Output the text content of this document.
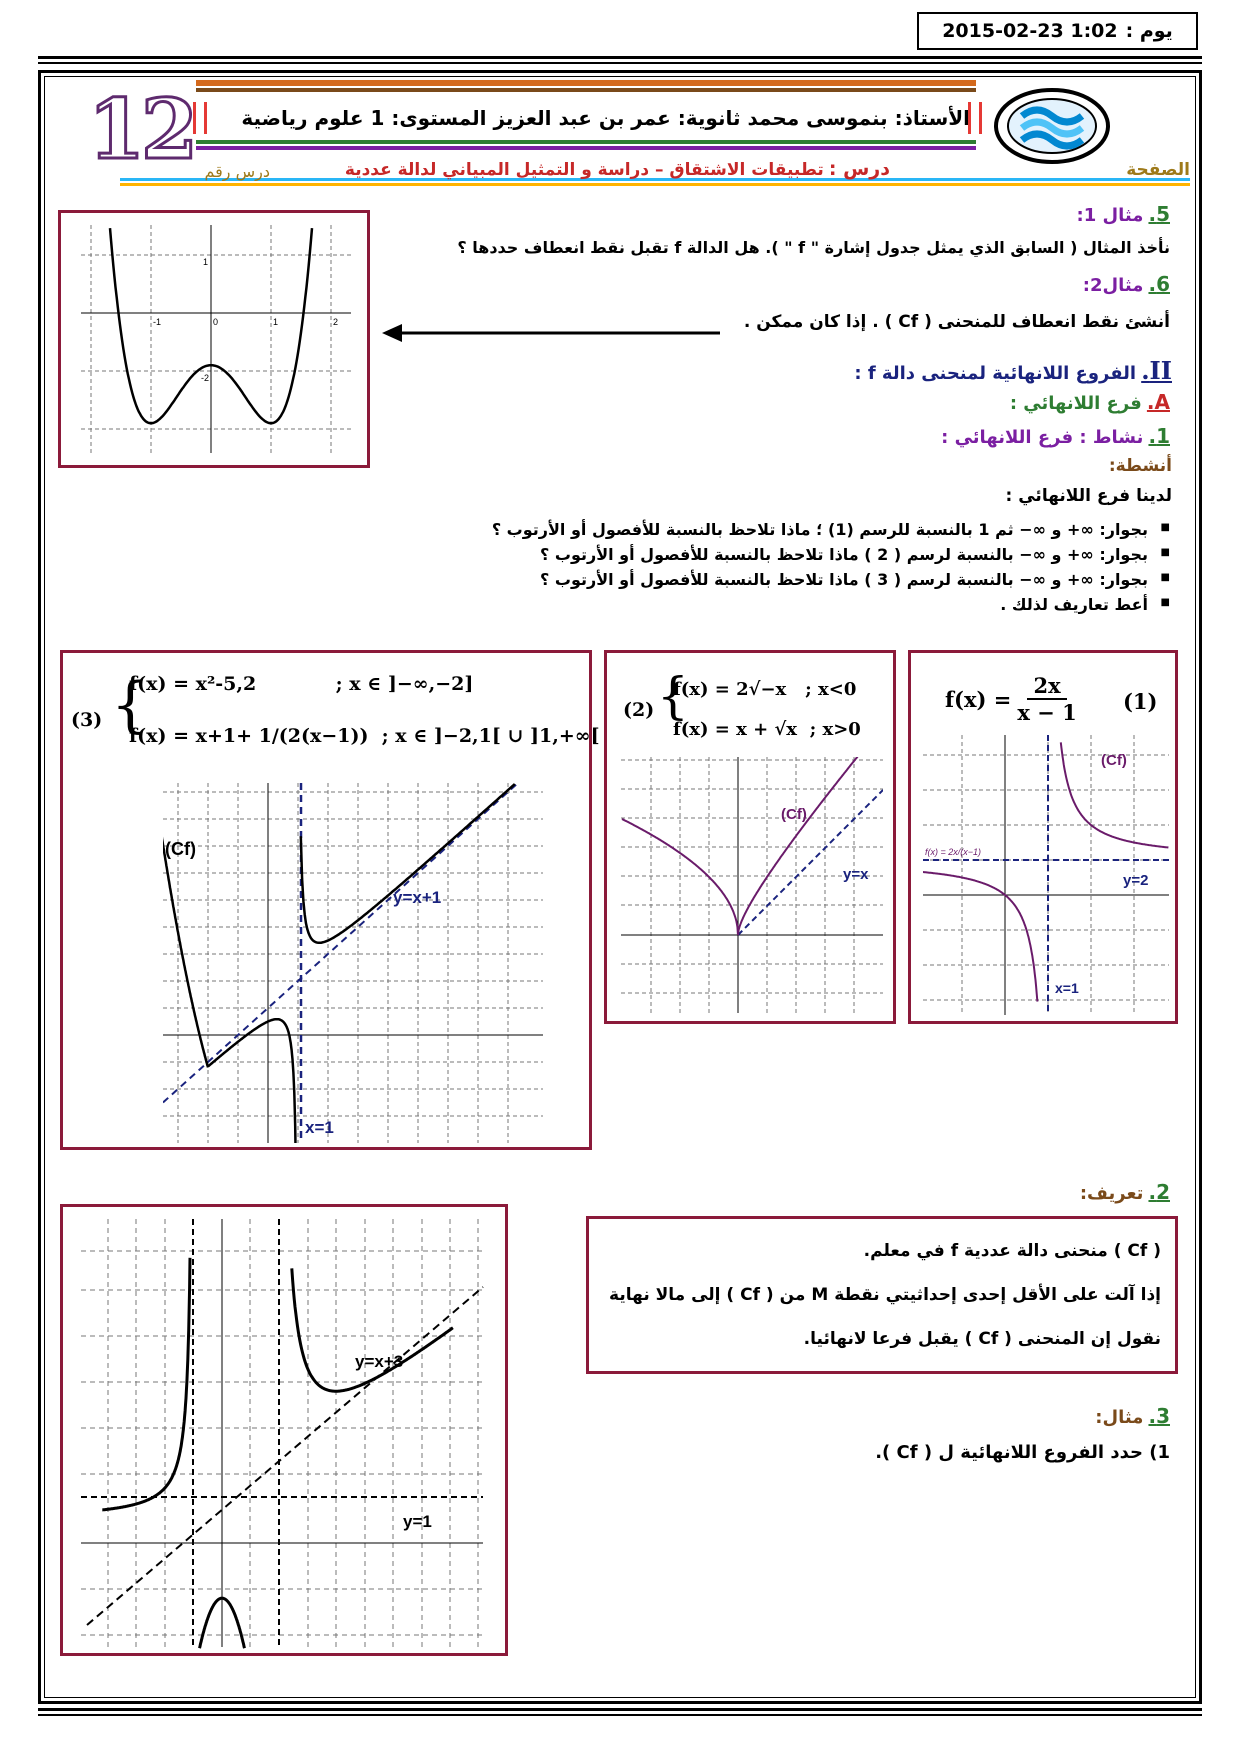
يوم :
1:02 2015-02-23
12	الأستاذ: بنموسى محمد ثانوية: عمر بن عبد العزيز المستوى: 1 علوم رياضية
الصفحة
درس : تطبيقات الاشتقاق – دراسة و التمثيل المبياني لدالة عددية
درس رقم
0
-1	1	2
1
-2
5. مثال 1:
نأخذ المثال ( السابق الذي يمثل جدول إشارة " f " ). هل الدالة f تقبل نقط انعطاف حددها ؟
6. مثال2:
أنشئ نقط انعطاف للمنحنى ( Cf ) . إذا كان ممكن .
II. الفروع اللانهائية لمنحنى دالة f :
A. فرع اللانهائي :
1. نشاط : فرع اللانهائي :
أنشطة:
لدينا فرع اللانهائي :
■ بجوار: ∞+ و ∞− ثم 1 بالنسبة للرسم (1) ؛ ماذا تلاحظ بالنسبة للأفصول أو الأرتوب ؟
■ بجوار: ∞+ و ∞− بالنسبة لرسم ( 2 ) ماذا تلاحظ بالنسبة للأفصول أو الأرتوب ؟
■ بجوار: ∞+ و ∞− بالنسبة لرسم ( 3 ) ماذا تلاحظ بالنسبة للأفصول أو الأرتوب ؟
■ أعط تعاريف لذلك .
(3) {
f(x) = x²-5,2            ; x ∈ ]−∞,−2]
f(x) = x+1+ 1/(2(x−1))  ; x ∈ ]−2,1[ ∪ ]1,+∞[
(Cf)
y=x+1
x=1
(2) {
f(x) = 2√−x   ; x<0
f(x) = x + √x  ; x>0
(Cf)
y=x
$f(x) = \frac{2x}{x - 1} (1)$
(Cf)
y=2
x=1
f(x) = 2x/(x−1)
2. تعريف:
( Cf ) منحنى دالة عددية f في معلم.
إذا آلت على الأقل إحدى إحداثيتي نقطة M من ( Cf ) إلى مالا نهاية
نقول إن المنحنى ( Cf ) يقبل فرعا لانهائيا.
3. مثال:
1) حدد الفروع اللانهائية ل ( Cf ).
y=x+3
y=1
